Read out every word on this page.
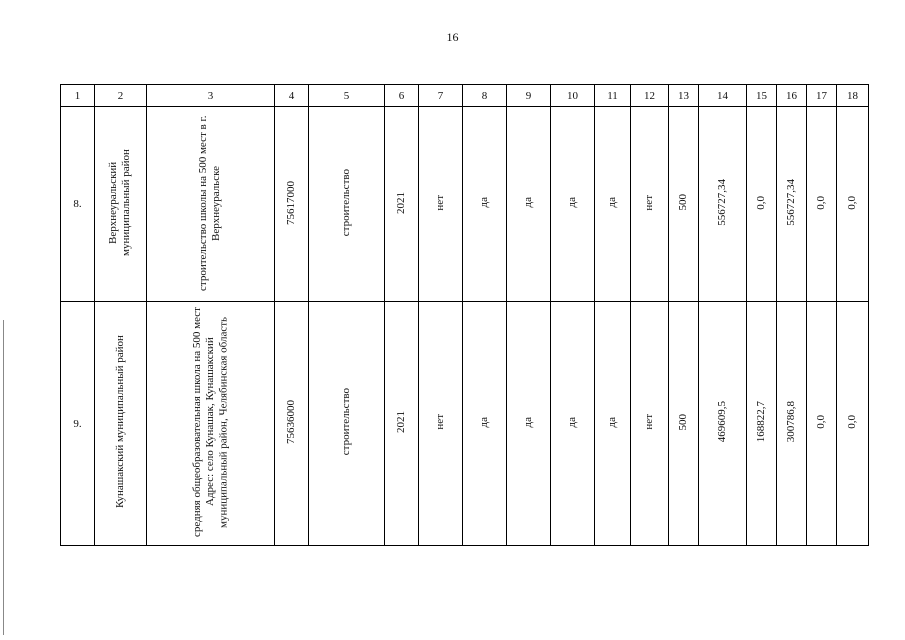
16
1	2	3	4	5	6	7	8	9	10	11	12	13	14	15	16	17	18
8.	Верхнеуральский муниципальный район	строительство школы на 500 мест в г. Верхнеуральске	75617000	строительство	2021	нет	да	да	да	да	нет	500	556727,34	0,0	556727,34	0,0	0,0
9.	Кунашакский муниципальный район	средняя общеобразовательная школа на 500 мест Адрес: село Кунашак, Кунашакский муниципальный район, Челябинская область	75636000	строительство	2021	нет	да	да	да	да	нет	500	469609,5	168822,7	300786,8	0,0	0,0
